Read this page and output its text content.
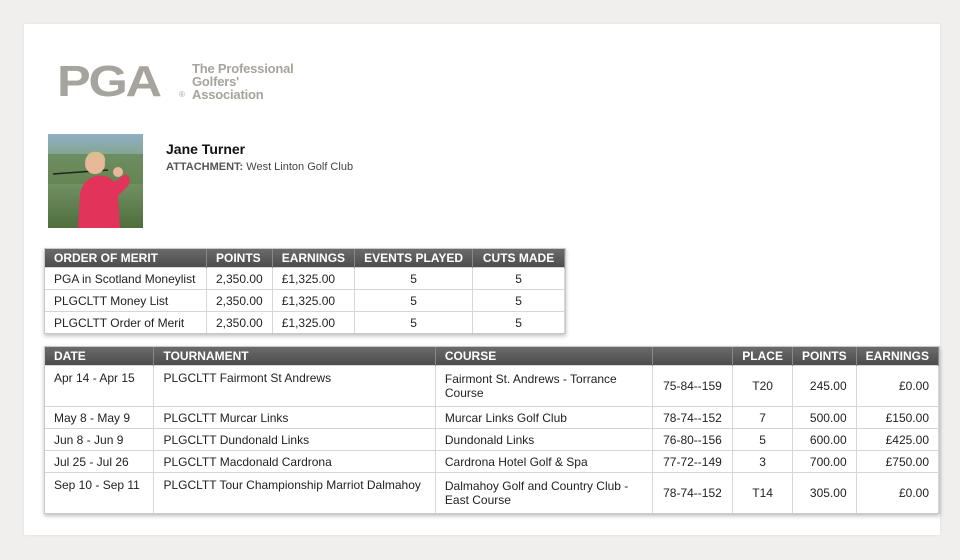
PGA ®
The Professional
Golfers'
Association
Jane Turner
ATTACHMENT: West Linton Golf Club
ORDER OF MERIT	POINTS	EARNINGS	EVENTS PLAYED	CUTS MADE
PGA in Scotland Moneylist	2,350.00	£1,325.00	5	5
PLGCLTT Money List	2,350.00	£1,325.00	5	5
PLGCLTT Order of Merit	2,350.00	£1,325.00	5	5
DATE	TOURNAMENT	COURSE		PLACE	POINTS	EARNINGS
Apr 14 - Apr 15	PLGCLTT Fairmont St Andrews	Fairmont St. Andrews - Torrance Course	75-84--159	T20	245.00	£0.00
May 8 - May 9	PLGCLTT Murcar Links	Murcar Links Golf Club	78-74--152	7	500.00	£150.00
Jun 8 - Jun 9	PLGCLTT Dundonald Links	Dundonald Links	76-80--156	5	600.00	£425.00
Jul 25 - Jul 26	PLGCLTT Macdonald Cardrona	Cardrona Hotel Golf & Spa	77-72--149	3	700.00	£750.00
Sep 10 - Sep 11	PLGCLTT Tour Championship Marriot Dalmahoy	Dalmahoy Golf and Country Club - East Course	78-74--152	T14	305.00	£0.00
